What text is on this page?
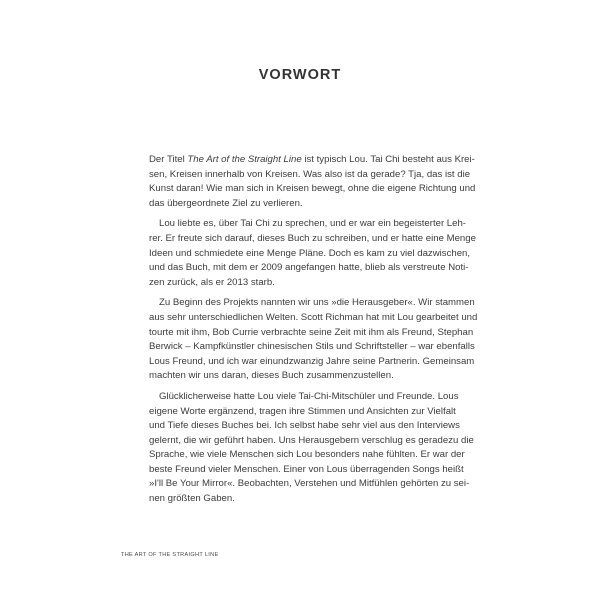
VORWORT
Der Titel The Art of the Straight Line ist typisch Lou. Tai Chi besteht aus Krei-
sen, Kreisen innerhalb von Kreisen. Was also ist da gerade? Tja, das ist die
Kunst daran! Wie man sich in Kreisen bewegt, ohne die eigene Richtung und
das übergeordnete Ziel zu verlieren.
Lou liebte es, über Tai Chi zu sprechen, und er war ein begeisterter Leh-
rer. Er freute sich darauf, dieses Buch zu schreiben, und er hatte eine Menge
Ideen und schmiedete eine Menge Pläne. Doch es kam zu viel dazwischen,
und das Buch, mit dem er 2009 angefangen hatte, blieb als verstreute Noti-
zen zurück, als er 2013 starb.
Zu Beginn des Projekts nannten wir uns »die Herausgeber«. Wir stammen
aus sehr unterschiedlichen Welten. Scott Richman hat mit Lou gearbeitet und
tourte mit ihm, Bob Currie verbrachte seine Zeit mit ihm als Freund, Stephan
Berwick – Kampfkünstler chinesischen Stils und Schriftsteller – war ebenfalls
Lous Freund, und ich war einundzwanzig Jahre seine Partnerin. Gemeinsam
machten wir uns daran, dieses Buch zusammenzustellen.
Glücklicherweise hatte Lou viele Tai-Chi-Mitschüler und Freunde. Lous
eigene Worte ergänzend, tragen ihre Stimmen und Ansichten zur Vielfalt
und Tiefe dieses Buches bei. Ich selbst habe sehr viel aus den Interviews
gelernt, die wir geführt haben. Uns Herausgebern verschlug es geradezu die
Sprache, wie viele Menschen sich Lou besonders nahe fühlten. Er war der
beste Freund vieler Menschen. Einer von Lous überragenden Songs heißt
»I'll Be Your Mirror«. Beobachten, Verstehen und Mitfühlen gehörten zu sei-
nen größten Gaben.
THE ART OF THE STRAIGHT LINE
